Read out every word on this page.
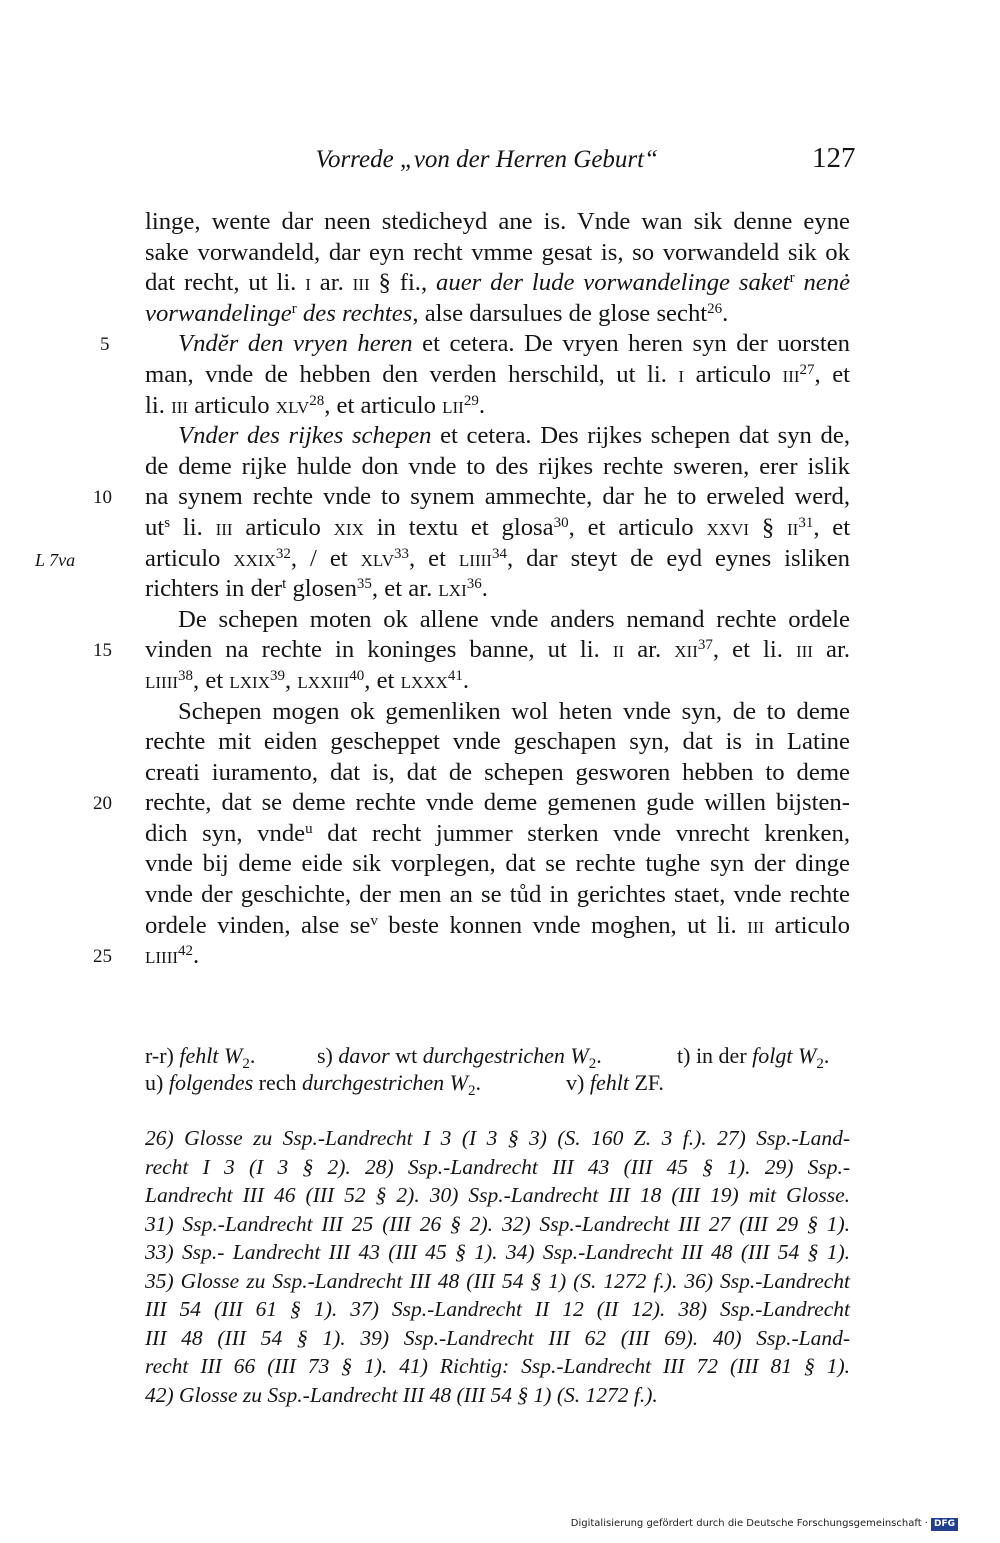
Vorrede „von der Herren Geburt“	127
linge, wente dar neen stedicheyd ane is. Vnde wan sik denne eyne
sake vorwandeld, dar eyn recht vmme gesat is, so vorwandeld sik ok
dat recht, ut li. i ar. iii § fi., auer der lude vorwandelinge saket$^r$ nenė
vorwandelinge$^r$ des rechtes, alse darsulues de glose secht$^{26}$.
5	Vndĕr den vryen heren et cetera. De vryen heren syn der uorsten
man, vnde de hebben den verden herschild, ut li. i articulo iii$^{27}$, et
li. iii articulo xlv$^{28}$, et articulo lii$^{29}$.
Vnder des rijkes schepen et cetera. Des rijkes schepen dat syn de,
de deme rijke hulde don vnde to des rijkes rechte sweren, erer islik
10 na synem rechte vnde to synem ammechte, dar he to erweled werd,
$ut^s$ li. iii articulo xix in textu et glosa$^{30}$, et articulo xxvi § $ii^{31}$, et
L 7va	articulo xxix$^{32}$, / et xlv$^{33}$, et liiii$^{34}$, dar steyt de eyd eynes isliken
richters in der$^t$ glosen$^{35}$, et ar. lxi$^{36}$.
De schepen moten ok allene vnde anders nemand rechte ordele
15 vinden na rechte in koninges banne, ut li. ii ar. xii$^{37}$, et li. iii ar.
liiii$^{38}$, et lxix$^{39}$, lxxiii$^{40}$, et lxxx$^{41}$.
Schepen mogen ok gemenliken wol heten vnde syn, de to deme
rechte mit eiden gescheppet vnde geschapen syn, dat is in Latine
creati iuramento, dat is, dat de schepen gesworen hebben to deme
20 rechte, dat se deme rechte vnde deme gemenen gude willen bijsten-
dich syn, vnde$^u$ dat recht jummer sterken vnde vnrecht krenken,
vnde bij deme eide sik vorplegen, dat se rechte tughe syn der dinge
vnde der geschichte, der men an se tůd in gerichtes staet, vnde rechte
ordele vinden, alse $se^v$ beste konnen vnde moghen, ut li. iii articulo
25 liiii$^{42}$.
r-r) fehlt $W_2$.	s) davor wt durchgestrichen $W_2$.	t) in der folgt $W_2$.
u) folgendes rech durchgestrichen $W_2$.	v) fehlt ZF.
26) Glosse zu Ssp.-Landrecht I 3 (I 3 § 3) (S. 160 Z. 3 f.). 27) Ssp.-Land-
recht I 3 (I 3 § 2). 28) Ssp.-Landrecht III 43 (III 45 § 1). 29) Ssp.-
Landrecht III 46 (III 52 § 2). 30) Ssp.-Landrecht III 18 (III 19) mit Glosse.
31) Ssp.-Landrecht III 25 (III 26 § 2). 32) Ssp.-Landrecht III 27 (III 29 § 1).
33) Ssp.- Landrecht III 43 (III 45 § 1). 34) Ssp.-Landrecht III 48 (III 54 § 1).
35) Glosse zu Ssp.-Landrecht III 48 (III 54 § 1) (S. 1272 f.). 36) Ssp.-Landrecht
III 54 (III 61 § 1). 37) Ssp.-Landrecht II 12 (II 12). 38) Ssp.-Landrecht
III 48 (III 54 § 1). 39) Ssp.-Landrecht III 62 (III 69). 40) Ssp.-Land-
recht III 66 (III 73 § 1). 41) Richtig: Ssp.-Landrecht III 72 (III 81 § 1).
42) Glosse zu Ssp.-Landrecht III 48 (III 54 § 1) (S. 1272 f.).
Digitalisierung gefördert durch die Deutsche Forschungsgemeinschaft · DFG
